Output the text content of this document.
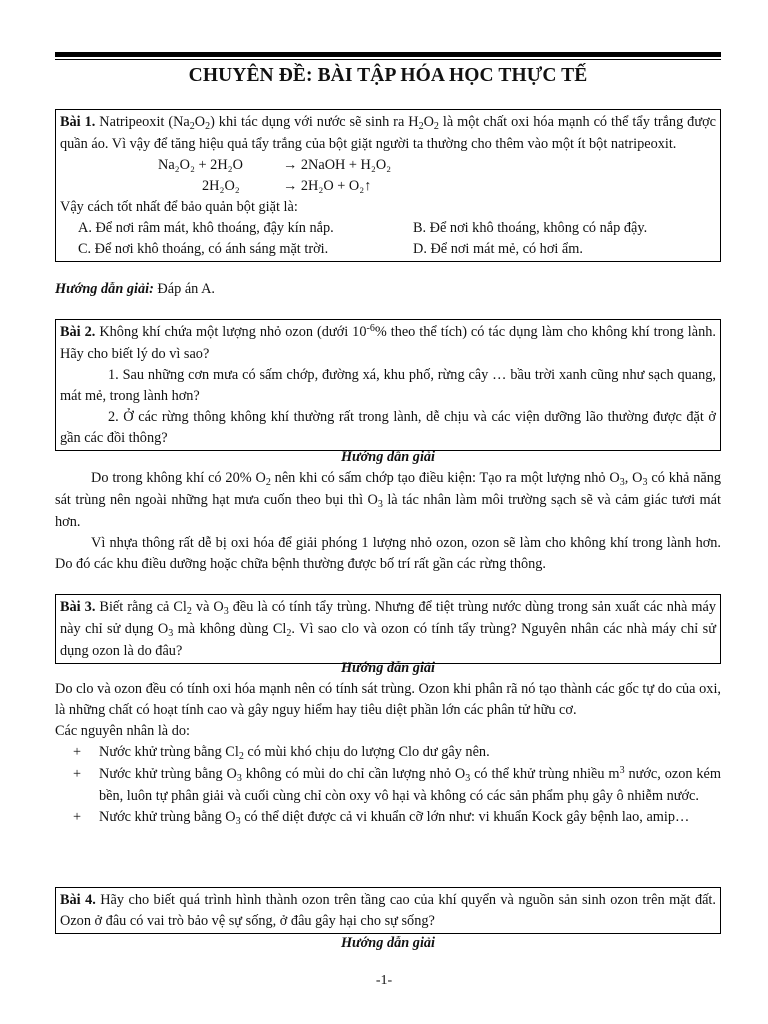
CHUYÊN ĐỀ: BÀI TẬP HÓA HỌC THỰC TẾ
Bài 1. Natripeoxit $(Na_2O_2)$ khi tác dụng với nước sẽ sinh ra $H_2O_2$ là một chất oxi hóa mạnh có thể tẩy trắng được quần áo. Vì vậy để tăng hiệu quả tẩy trắng của bột giặt người ta thường cho thêm vào một ít bột natripeoxit.
Na₂O₂ + 2H₂O	→ 2NaOH + H₂O₂
2H₂O₂	→ 2H₂O + O₂↑
Vậy cách tốt nhất để bảo quản bột giặt là:
A. Để nơi râm mát, khô thoáng, đậy kín nắp.	B. Để nơi khô thoáng, không có nắp đậy.
C. Để nơi khô thoáng, có ánh sáng mặt trời.	D. Để nơi mát mẻ, có hơi ẩm.
Hướng dẫn giải: Đáp án A.
Bài 2. Không khí chứa một lượng nhỏ ozon (dưới $10^{-6}\%$ theo thể tích) có tác dụng làm cho không khí trong lành. Hãy cho biết lý do vì sao?
1. Sau những cơn mưa có sấm chớp, đường xá, khu phố, rừng cây … bầu trời xanh cũng như sạch quang, mát mẻ, trong lành hơn?
2. Ở các rừng thông không khí thường rất trong lành, dễ chịu và các viện dưỡng lão thường được đặt ở gần các đồi thông?
Hướng dẫn giải
Do trong không khí có 20% $O_2$ nên khi có sấm chớp tạo điều kiện: Tạo ra một lượng nhỏ $O_3$, $O_3$ có khả năng sát trùng nên ngoài những hạt mưa cuốn theo bụi thì $O_3$ là tác nhân làm môi trường sạch sẽ và cảm giác tươi mát hơn.
Vì nhựa thông rất dễ bị oxi hóa để giải phóng 1 lượng nhỏ ozon, ozon sẽ làm cho không khí trong lành hơn. Do đó các khu điều dưỡng hoặc chữa bệnh thường được bố trí rất gần các rừng thông.
Bài 3. Biết rằng cả $Cl_2$ và $O_3$ đều là có tính tẩy trùng. Nhưng để tiệt trùng nước dùng trong sản xuất các nhà máy này chỉ sử dụng $O_3$ mà không dùng $Cl_2$. Vì sao clo và ozon có tính tẩy trùng? Nguyên nhân các nhà máy chỉ sử dụng ozon là do đâu?
Hướng dẫn giải
Do clo và ozon đều có tính oxi hóa mạnh nên có tính sát trùng. Ozon khi phân rã nó tạo thành các gốc tự do của oxi, là những chất có hoạt tính cao và gây nguy hiểm hay tiêu diệt phần lớn các phân tử hữu cơ.
Các nguyên nhân là do:
+	Nước khử trùng bằng $Cl_2$ có mùi khó chịu do lượng Clo dư gây nên.
+	Nước khử trùng bằng $O_3$ không có mùi do chỉ cần lượng nhỏ $O_3$ có thể khử trùng nhiều $m^3$ nước, ozon kém bền, luôn tự phân giải và cuối cùng chỉ còn oxy vô hại và không có các sản phẩm phụ gây ô nhiễm nước.
+	Nước khử trùng bằng $O_3$ có thể diệt được cả vi khuẩn cỡ lớn như: vi khuẩn Kock gây bệnh lao, amip…
Bài 4. Hãy cho biết quá trình hình thành ozon trên tầng cao của khí quyển và nguồn sản sinh ozon trên mặt đất. Ozon ở đâu có vai trò bảo vệ sự sống, ở đâu gây hại cho sự sống?
Hướng dẫn giải
-1-
